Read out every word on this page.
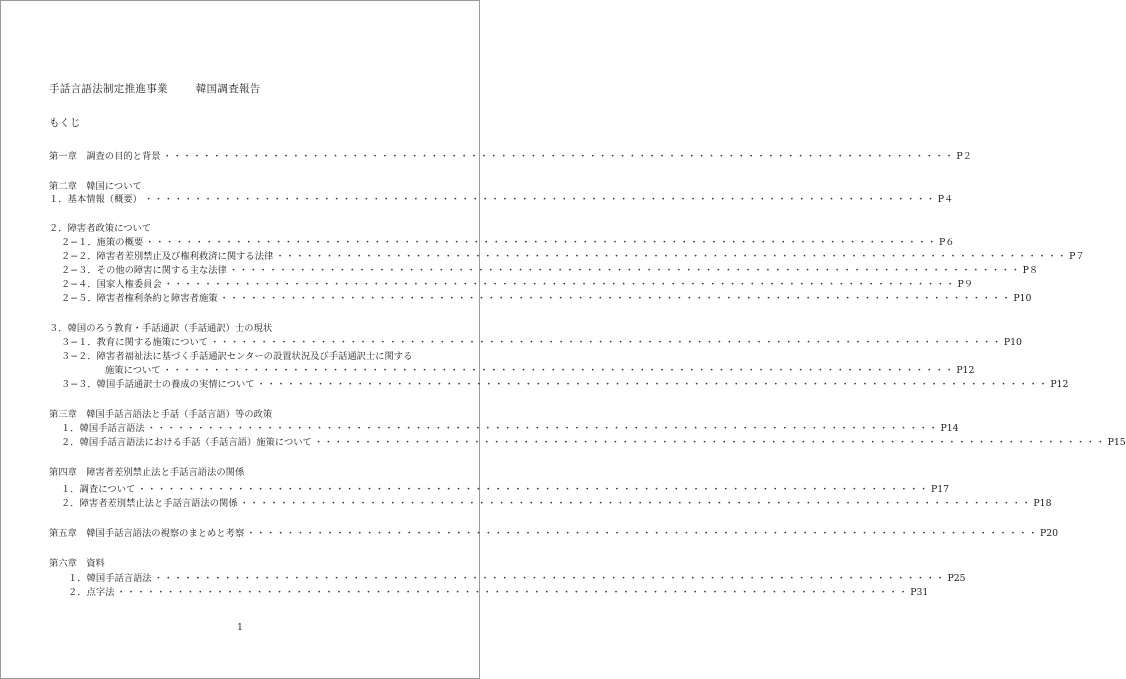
手話言語法制定推進事業	韓国調査報告
もくじ
第一章　調査の目的と背景 ・・・・・・・・・・・・・・・・・・・・・・・・・・・・・・・・・・・・・・・・・・・・・・・・・・・・・・・・・・・・・・・・・・・・・・・・・・・・・・・・ P２
第二章　韓国について
１．基本情報（概要） ・・・・・・・・・・・・・・・・・・・・・・・・・・・・・・・・・・・・・・・・・・・・・・・・・・・・・・・・・・・・・・・・・・・・・・・・・・・・・・・・ P４
２．障害者政策について
２−１．施策の概要 ・・・・・・・・・・・・・・・・・・・・・・・・・・・・・・・・・・・・・・・・・・・・・・・・・・・・・・・・・・・・・・・・・・・・・・・・・・・・・・・・ P６
２−２．障害者差別禁止及び権利救済に関する法律 ・・・・・・・・・・・・・・・・・・・・・・・・・・・・・・・・・・・・・・・・・・・・・・・・・・・・・・・・・・・・・・・・・・・・・・・・・・・・・・・・ P７
２−３．その他の障害に関する主な法律 ・・・・・・・・・・・・・・・・・・・・・・・・・・・・・・・・・・・・・・・・・・・・・・・・・・・・・・・・・・・・・・・・・・・・・・・・・・・・・・・・ P８
２−４．国家人権委員会 ・・・・・・・・・・・・・・・・・・・・・・・・・・・・・・・・・・・・・・・・・・・・・・・・・・・・・・・・・・・・・・・・・・・・・・・・・・・・・・・・ P９
２−５．障害者権利条約と障害者施策 ・・・・・・・・・・・・・・・・・・・・・・・・・・・・・・・・・・・・・・・・・・・・・・・・・・・・・・・・・・・・・・・・・・・・・・・・・・・・・・・・ P10
３．韓国のろう教育・手話通訳（手話通訳）士の現状
３−１．教育に関する施策について ・・・・・・・・・・・・・・・・・・・・・・・・・・・・・・・・・・・・・・・・・・・・・・・・・・・・・・・・・・・・・・・・・・・・・・・・・・・・・・・・ P10
３−２．障害者福祉法に基づく手話通訳センターの設置状況及び手話通訳士に関する
施策について ・・・・・・・・・・・・・・・・・・・・・・・・・・・・・・・・・・・・・・・・・・・・・・・・・・・・・・・・・・・・・・・・・・・・・・・・・・・・・・・・ P12
３−３．韓国手話通訳士の養成の実情について ・・・・・・・・・・・・・・・・・・・・・・・・・・・・・・・・・・・・・・・・・・・・・・・・・・・・・・・・・・・・・・・・・・・・・・・・・・・・・・・・ P12
第三章　韓国手話言語法と手話（手話言語）等の政策
１．韓国手話言語法 ・・・・・・・・・・・・・・・・・・・・・・・・・・・・・・・・・・・・・・・・・・・・・・・・・・・・・・・・・・・・・・・・・・・・・・・・・・・・・・・・ P14
２．韓国手話言語法における手話（手話言語）施策について ・・・・・・・・・・・・・・・・・・・・・・・・・・・・・・・・・・・・・・・・・・・・・・・・・・・・・・・・・・・・・・・・・・・・・・・・・・・・・・・・ P15
第四章　障害者差別禁止法と手話言語法の関係
１．調査について ・・・・・・・・・・・・・・・・・・・・・・・・・・・・・・・・・・・・・・・・・・・・・・・・・・・・・・・・・・・・・・・・・・・・・・・・・・・・・・・・ P17
２．障害者差別禁止法と手話言語法の関係 ・・・・・・・・・・・・・・・・・・・・・・・・・・・・・・・・・・・・・・・・・・・・・・・・・・・・・・・・・・・・・・・・・・・・・・・・・・・・・・・・ P18
第五章　韓国手話言語法の視察のまとめと考察 ・・・・・・・・・・・・・・・・・・・・・・・・・・・・・・・・・・・・・・・・・・・・・・・・・・・・・・・・・・・・・・・・・・・・・・・・・・・・・・・・ P20
第六章　資料
１．韓国手話言語法 ・・・・・・・・・・・・・・・・・・・・・・・・・・・・・・・・・・・・・・・・・・・・・・・・・・・・・・・・・・・・・・・・・・・・・・・・・・・・・・・・ P25
２．点字法 ・・・・・・・・・・・・・・・・・・・・・・・・・・・・・・・・・・・・・・・・・・・・・・・・・・・・・・・・・・・・・・・・・・・・・・・・・・・・・・・・ P31
1
